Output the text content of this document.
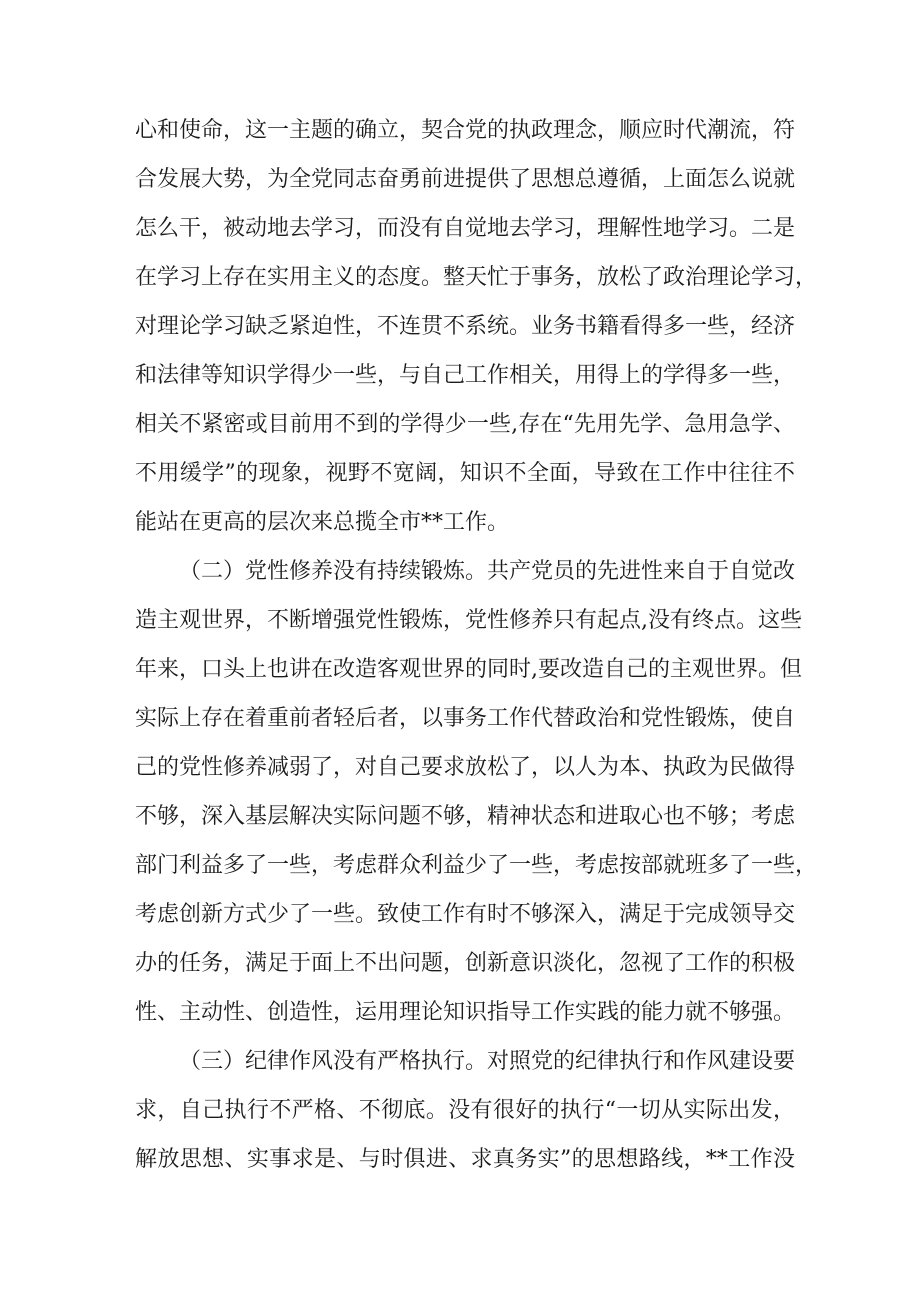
心和使命，这一主题的确立，契合党的执政理念，顺应时代潮流，符
合发展大势，为全党同志奋勇前进提供了思想总遵循，上面怎么说就
怎么干，被动地去学习，而没有自觉地去学习，理解性地学习。二是
在学习上存在实用主义的态度。整天忙于事务，放松了政治理论学习，
对理论学习缺乏紧迫性，不连贯不系统。业务书籍看得多一些，经济
和法律等知识学得少一些，与自己工作相关，用得上的学得多一些，
相关不紧密或目前用不到的学得少一些,存在“先用先学、急用急学、
不用缓学”的现象，视野不宽阔，知识不全面，导致在工作中往往不
能站在更高的层次来总揽全市**工作。
（二）党性修养没有持续锻炼。共产党员的先进性来自于自觉改
造主观世界，不断增强党性锻炼，党性修养只有起点,没有终点。这些
年来，口头上也讲在改造客观世界的同时,要改造自己的主观世界。但
实际上存在着重前者轻后者，以事务工作代替政治和党性锻炼，使自
己的党性修养减弱了，对自己要求放松了，以人为本、执政为民做得
不够，深入基层解决实际问题不够，精神状态和进取心也不够；考虑
部门利益多了一些，考虑群众利益少了一些，考虑按部就班多了一些，
考虑创新方式少了一些。致使工作有时不够深入，满足于完成领导交
办的任务，满足于面上不出问题，创新意识淡化，忽视了工作的积极
性、主动性、创造性，运用理论知识指导工作实践的能力就不够强。
（三）纪律作风没有严格执行。对照党的纪律执行和作风建设要
求，自己执行不严格、不彻底。没有很好的执行“一切从实际出发，
解放思想、实事求是、与时俱进、求真务实”的思想路线，**工作没
